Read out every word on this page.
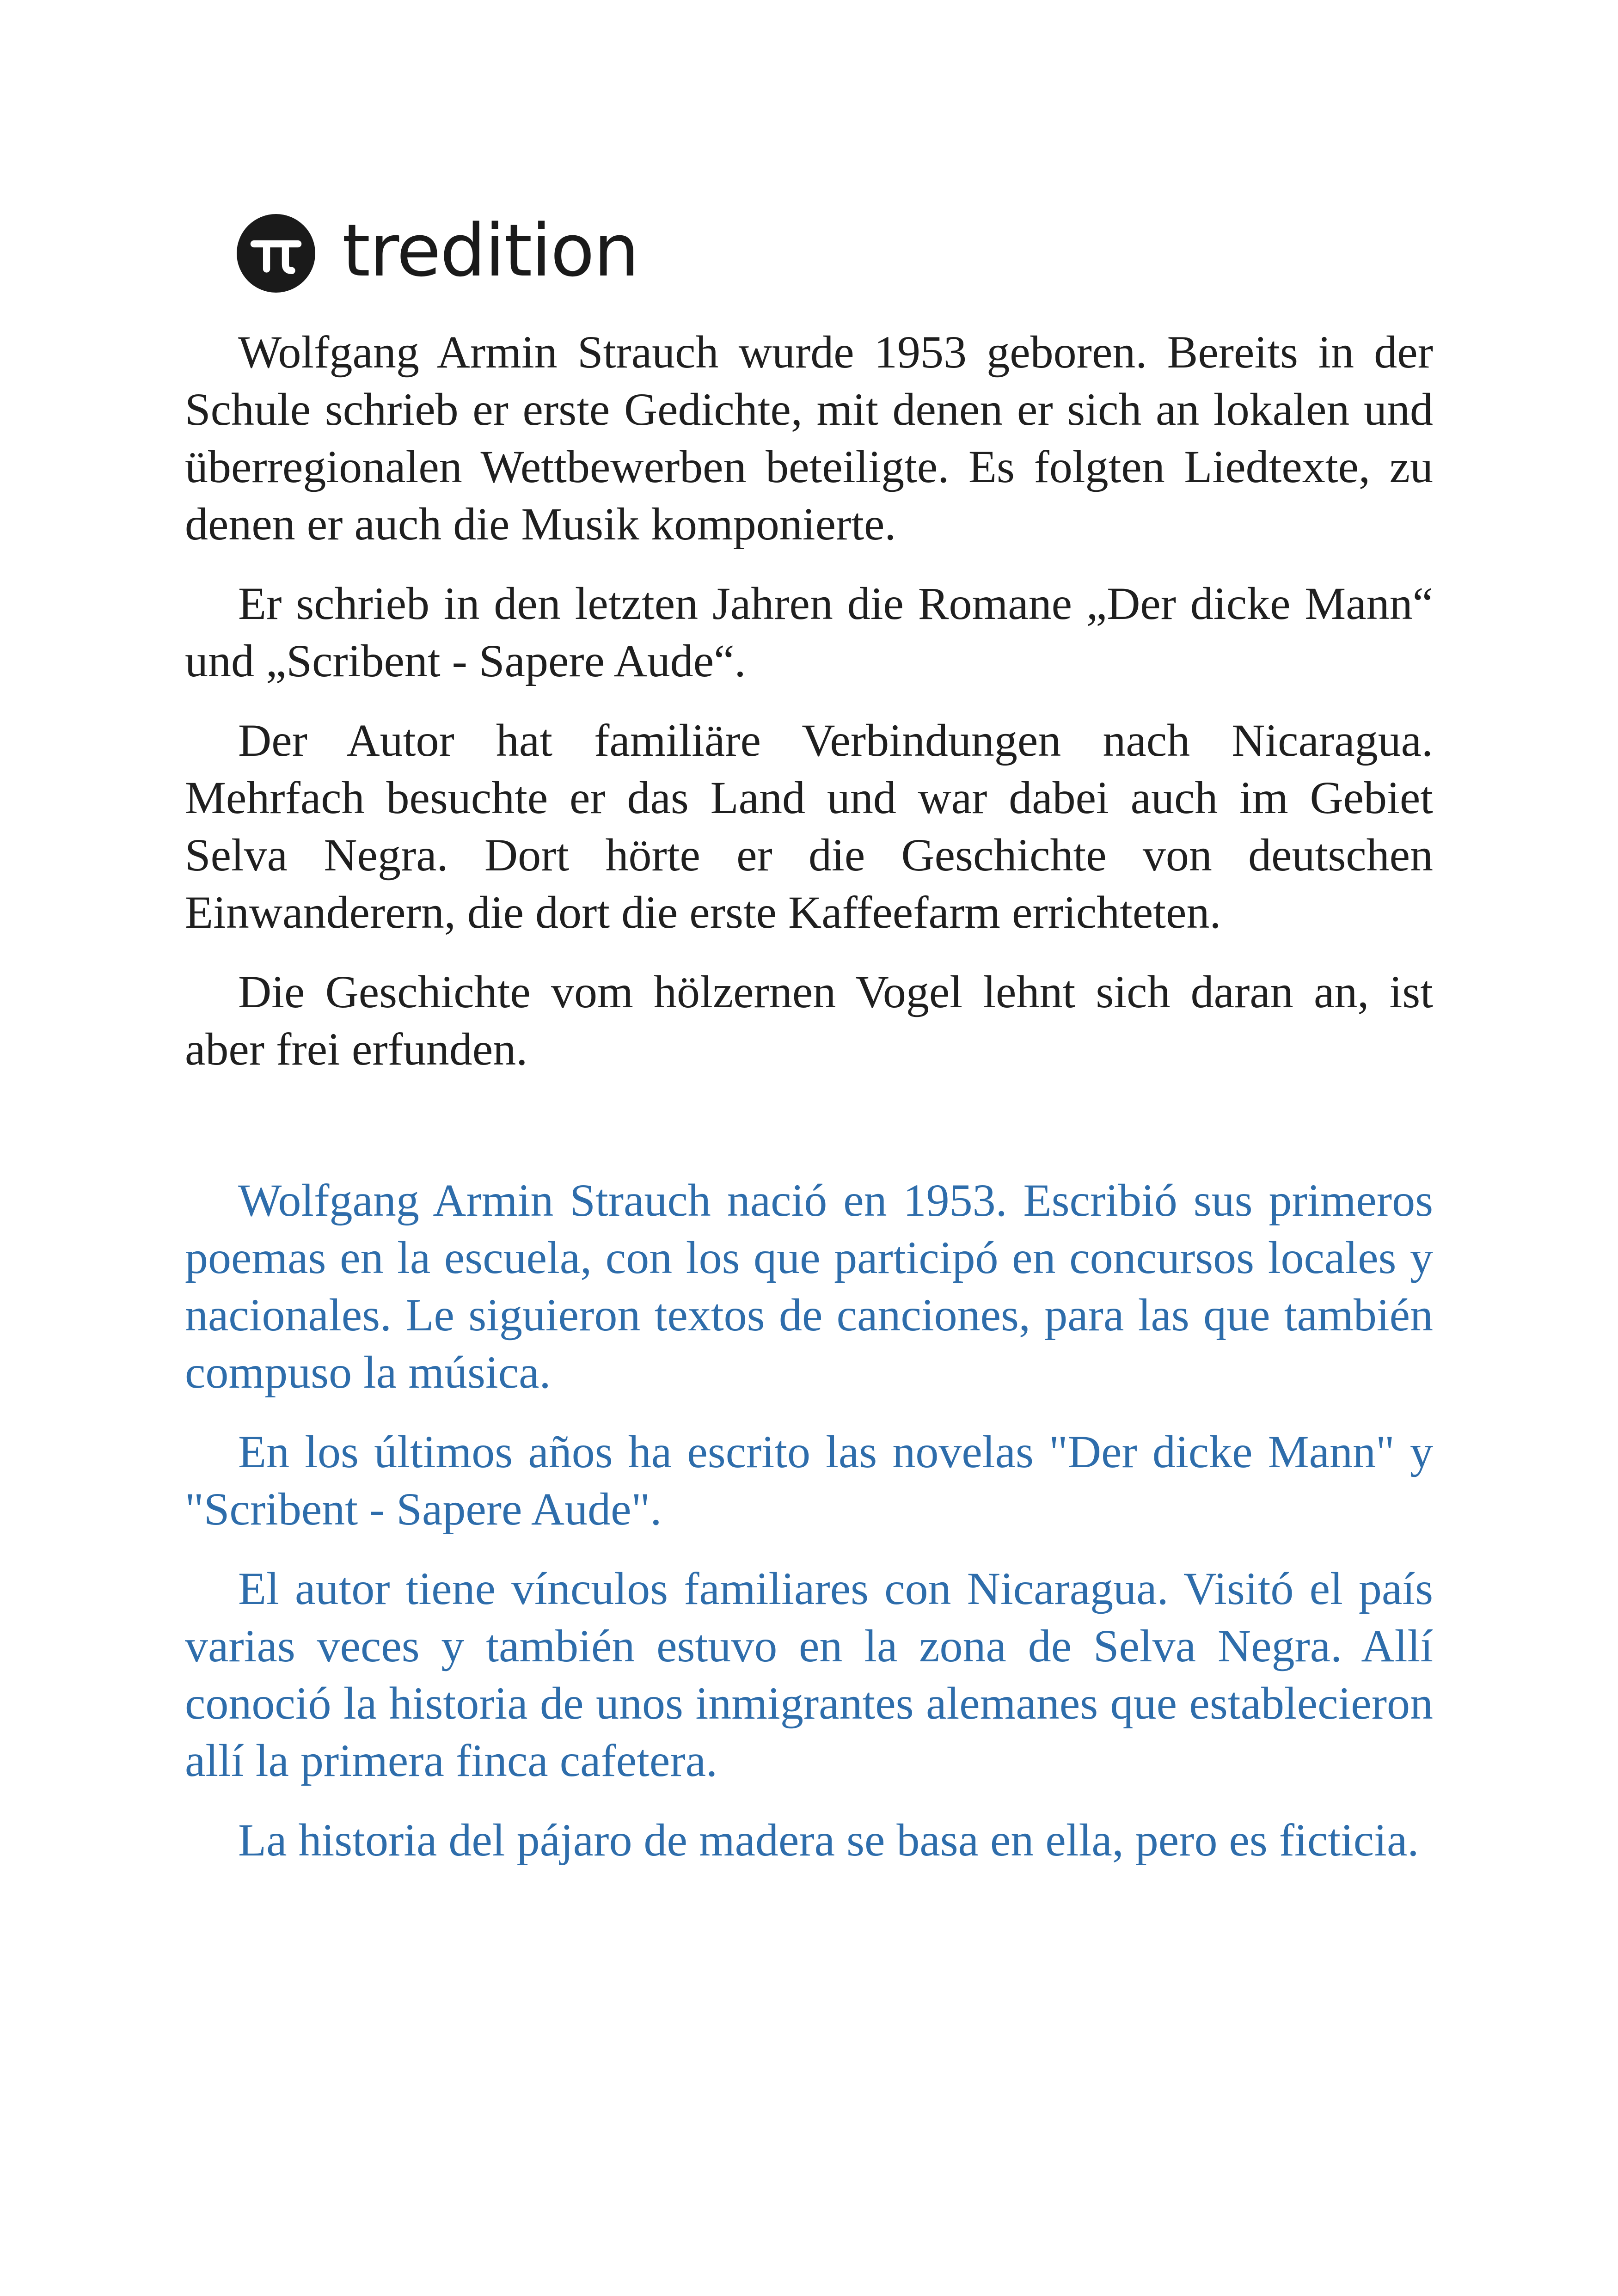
tredition

Wolfgang Armin Strauch wurde 1953 geboren. Bereits in der Schule schrieb er erste Gedichte, mit denen er sich an lokalen und überregionalen Wettbewerben beteiligte. Es folgten Liedtexte, zu denen er auch die Musik komponierte.

Er schrieb in den letzten Jahren die Romane „Der dicke Mann“ und „Scribent - Sapere Aude“.

Der Autor hat familiäre Verbindungen nach Nicaragua. Mehrfach besuchte er das Land und war dabei auch im Gebiet Selva Negra. Dort hörte er die Geschichte von deutschen Einwanderern, die dort die erste Kaffeefarm errichteten.

Die Geschichte vom hölzernen Vogel lehnt sich daran an, ist aber frei erfunden.

Wolfgang Armin Strauch nació en 1953. Escribió sus primeros poemas en la escuela, con los que participó en concursos locales y nacionales. Le siguieron textos de canciones, para las que también compuso la música.

En los últimos años ha escrito las novelas "Der dicke Mann" y "Scribent - Sapere Aude".

El autor tiene vínculos familiares con Nicaragua. Visitó el país varias veces y también estuvo en la zona de Selva Negra. Allí conoció la historia de unos inmigrantes alemanes que establecieron allí la primera finca cafetera.

La historia del pájaro de madera se basa en ella, pero es ficticia.
